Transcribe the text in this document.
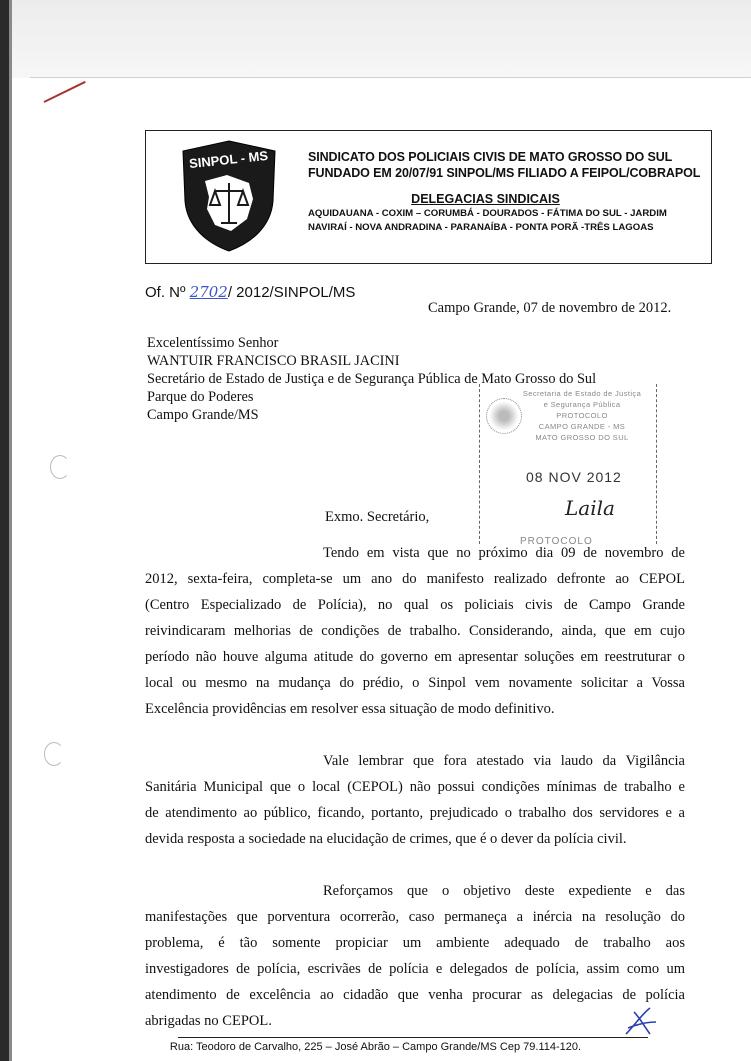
SINPOL - MS	SINDICATO DOS POLICIAIS CIVIS DE MATO GROSSO DO SUL
FUNDADO EM 20/07/91 SINPOL/MS FILIADO A FEIPOL/COBRAPOL
DELEGACIAS SINDICAIS
AQUIDAUANA - COXIM – CORUMBÁ - DOURADOS - FÁTIMA DO SUL - JARDIM
NAVIRAÍ - NOVA ANDRADINA - PARANAÍBA - PONTA PORÃ -TRÊS LAGOAS
Of. Nº 2702/ 2012/SINPOL/MS
Campo Grande, 07 de novembro de 2012.
Excelentíssimo Senhor
WANTUIR FRANCISCO BRASIL JACINI
Secretário de Estado de Justiça e de Segurança Pública de Mato Grosso do Sul
Parque do Poderes
Campo Grande/MS
Secretaria de Estado de Justiça
e Segurança Pública
PROTOCOLO
CAMPO GRANDE - MS
MATO GROSSO DO SUL
08 NOV 2012
Laila
PROTOCOLO
Exmo. Secretário,
Tendo em vista que no próximo dia 09 de novembro de
2012, sexta-feira, completa-se um ano do manifesto realizado defronte ao CEPOL
(Centro Especializado de Polícia), no qual os policiais civis de Campo Grande
reivindicaram melhorias de condições de trabalho. Considerando, ainda, que em cujo
período não houve alguma atitude do governo em apresentar soluções em reestruturar o
local ou mesmo na mudança do prédio, o Sinpol vem novamente solicitar a Vossa
Excelência providências em resolver essa situação de modo definitivo.
Vale lembrar que fora atestado via laudo da Vigilância
Sanitária Municipal que o local (CEPOL) não possui condições mínimas de trabalho e
de atendimento ao público, ficando, portanto, prejudicado o trabalho dos servidores e a
devida resposta a sociedade na elucidação de crimes, que é o dever da polícia civil.
Reforçamos que o objetivo deste expediente e das
manifestações que porventura ocorrerão, caso permaneça a inércia na resolução do
problema, é tão somente propiciar um ambiente adequado de trabalho aos
investigadores de polícia, escrivães de polícia e delegados de polícia, assim como um
atendimento de excelência ao cidadão que venha procurar as delegacias de polícia
abrigadas no CEPOL.
Rua: Teodoro de Carvalho, 225 – José Abrão – Campo Grande/MS Cep 79.114-120.
